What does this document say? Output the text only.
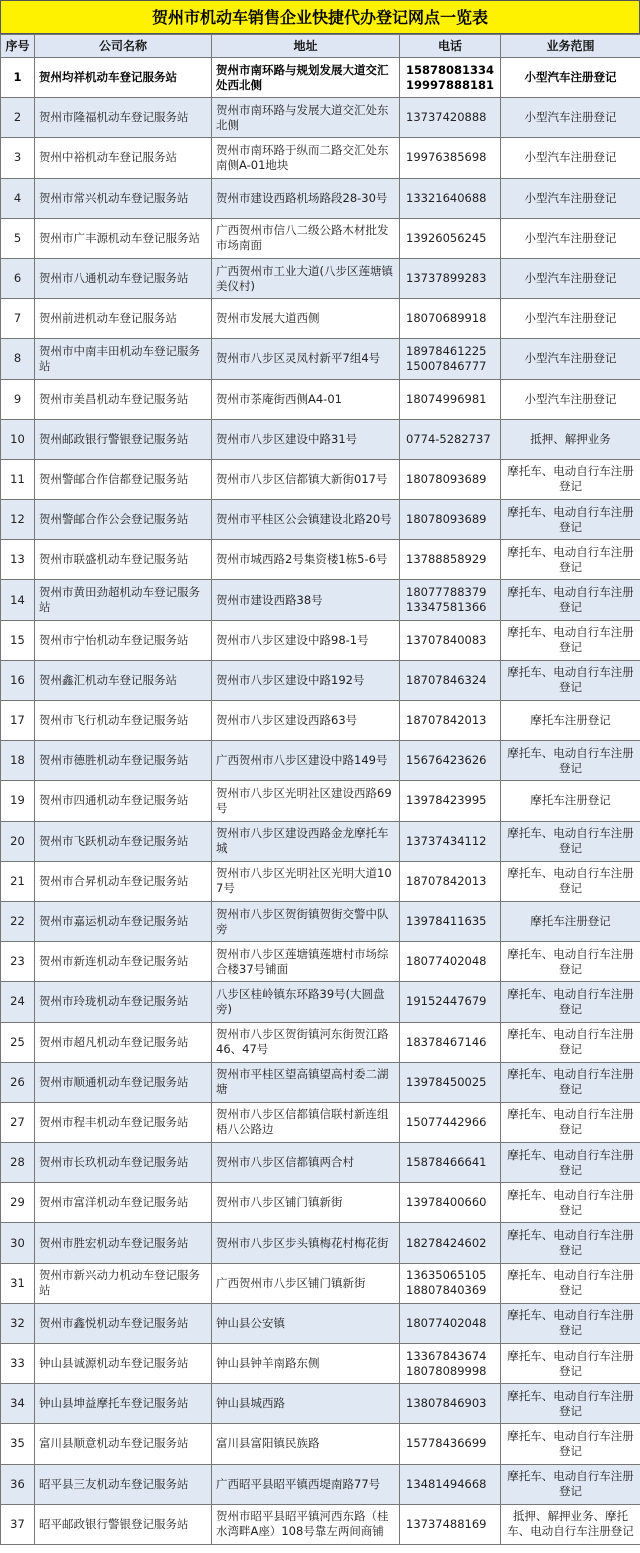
贺州市机动车销售企业快捷代办登记网点一览表
序号	公司名称	地址	电话	业务范围
1	贺州均祥机动车登记服务站	贺州市南环路与规划发展大道交汇处西北侧	15878081334 19997888181	小型汽车注册登记
2	贺州市隆福机动车登记服务站	贺州市南环路与发展大道交汇处东北侧	13737420888	小型汽车注册登记
3	贺州中裕机动车登记服务站	贺州市南环路于纵而二路交汇处东南侧A-01地块	19976385698	小型汽车注册登记
4	贺州市常兴机动车登记服务站	贺州市建设西路机场路段28-30号	13321640688	小型汽车注册登记
5	贺州市广丰源机动车登记服务站	广西贺州市信八二级公路木材批发市场南面	13926056245	小型汽车注册登记
6	贺州市八通机动车登记服务站	广西贺州市工业大道(八步区莲塘镇美仪村)	13737899283	小型汽车注册登记
7	贺州前进机动车登记服务站	贺州市发展大道西侧	18070689918	小型汽车注册登记
8	贺州市中南丰田机动车登记服务站	贺州市八步区灵凤村新平7组4号	18978461225 15007846777	小型汽车注册登记
9	贺州市美昌机动车登记服务站	贺州市茶庵街西侧A4-01	18074996981	小型汽车注册登记
10	贺州邮政银行警银登记服务站	贺州市八步区建设中路31号	0774-5282737	抵押、解押业务
11	贺州警邮合作信都登记服务站	贺州市八步区信都镇大新街017号	18078093689	摩托车、电动自行车注册登记
12	贺州警邮合作公会登记服务站	贺州市平桂区公会镇建设北路20号	18078093689	摩托车、电动自行车注册登记
13	贺州市联盛机动车登记服务站	贺州市城西路2号集资楼1栋5-6号	13788858929	摩托车、电动自行车注册登记
14	贺州市黄田劲超机动车登记服务站	贺州市建设西路38号	18077788379 13347581366	摩托车、电动自行车注册登记
15	贺州市宁怡机动车登记服务站	贺州市八步区建设中路98-1号	13707840083	摩托车、电动自行车注册登记
16	贺州鑫汇机动车登记服务站	贺州市八步区建设中路192号	18707846324	摩托车、电动自行车注册登记
17	贺州市飞行机动车登记服务站	贺州市八步区建设西路63号	18707842013	摩托车注册登记
18	贺州市德胜机动车登记服务站	广西贺州市八步区建设中路149号	15676423626	摩托车、电动自行车注册登记
19	贺州市四通机动车登记服务站	贺州市八步区光明社区建设西路69号	13978423995	摩托车注册登记
20	贺州市飞跃机动车登记服务站	贺州市八步区建设西路金龙摩托车城	13737434112	摩托车、电动自行车注册登记
21	贺州市合昇机动车登记服务站	贺州市八步区光明社区光明大道107号	18707842013	摩托车、电动自行车注册登记
22	贺州市嘉运机动车登记服务站	贺州市八步区贺街镇贺街交警中队旁	13978411635	摩托车注册登记
23	贺州市新连机动车登记服务站	贺州市八步区莲塘镇莲塘村市场综合楼37号铺面	18077402048	摩托车、电动自行车注册登记
24	贺州市玲珑机动车登记服务站	八步区桂岭镇东环路39号(大圆盘旁)	19152447679	摩托车、电动自行车注册登记
25	贺州市超凡机动车登记服务站	贺州市八步区贺街镇河东街贺江路46、47号	18378467146	摩托车、电动自行车注册登记
26	贺州市顺通机动车登记服务站	贺州市平桂区望高镇望高村委二湖塘	13978450025	摩托车、电动自行车注册登记
27	贺州市程丰机动车登记服务站	贺州市八步区信都镇信联村新连组梧八公路边	15077442966	摩托车、电动自行车注册登记
28	贺州市长玖机动车登记服务站	贺州市八步区信都镇两合村	15878466641	摩托车、电动自行车注册登记
29	贺州市富洋机动车登记服务站	贺州市八步区铺门镇新街	13978400660	摩托车、电动自行车注册登记
30	贺州市胜宏机动车登记服务站	贺州市八步区步头镇梅花村梅花街	18278424602	摩托车、电动自行车注册登记
31	贺州市新兴动力机动车登记服务站	广西贺州市八步区铺门镇新街	13635065105 18807840369	摩托车、电动自行车注册登记
32	贺州市鑫悦机动车登记服务站	钟山县公安镇	18077402048	摩托车、电动自行车注册登记
33	钟山县诚源机动车登记服务站	钟山县钟羊南路东侧	13367843674 18078089998	摩托车、电动自行车注册登记
34	钟山县坤益摩托车登记服务站	钟山县城西路	13807846903	摩托车、电动自行车注册登记
35	富川县顺意机动车登记服务站	富川县富阳镇民族路	15778436699	摩托车、电动自行车注册登记
36	昭平县三友机动车登记服务站	广西昭平县昭平镇西堤南路77号	13481494668	摩托车、电动自行车注册登记
37	昭平邮政银行警银登记服务站	贺州市昭平县昭平镇河西东路（桂水湾畔A座）108号靠左两间商铺	13737488169	抵押、解押业务、摩托车、电动自行车注册登记
